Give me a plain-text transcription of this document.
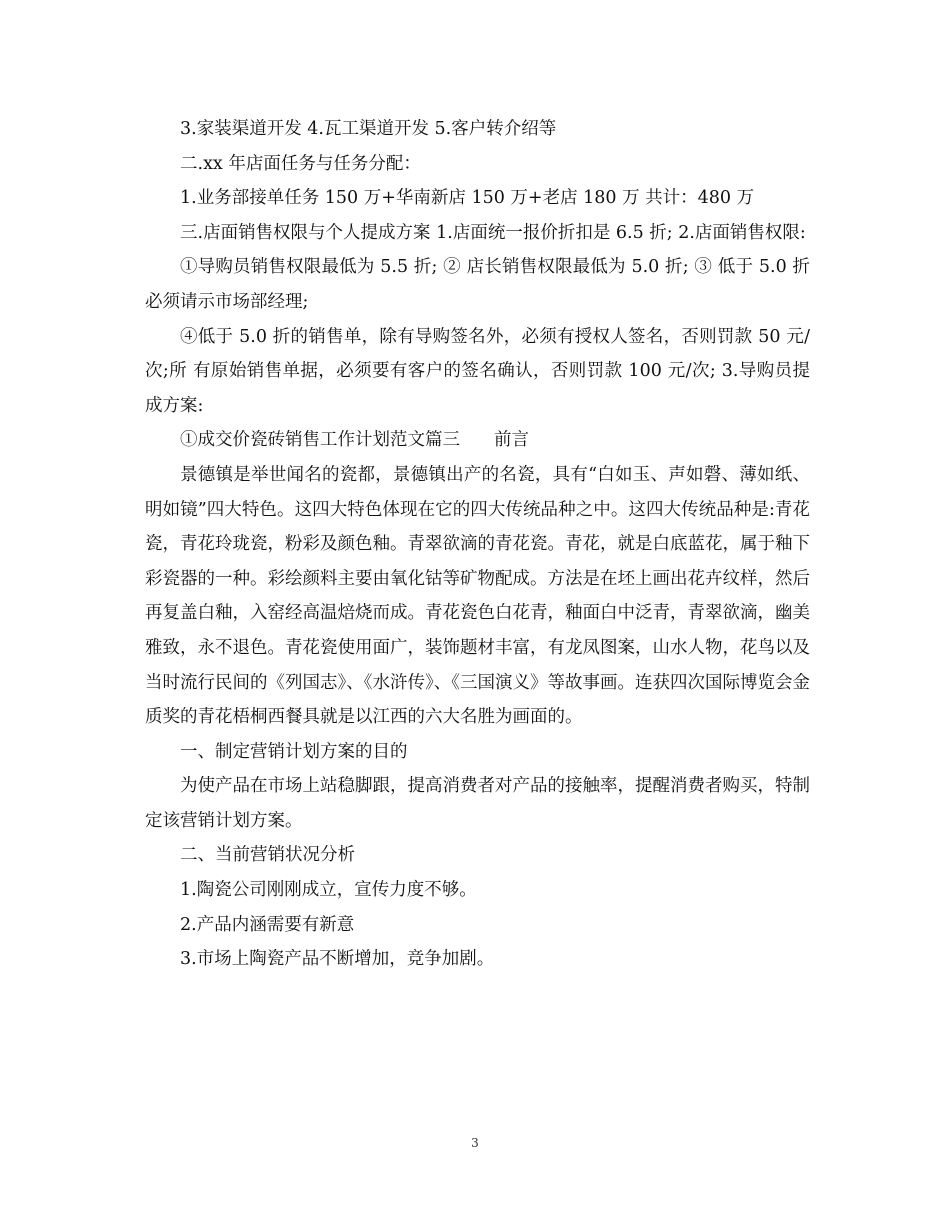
3.家装渠道开发 4.瓦工渠道开发 5.客户转介绍等

二.xx 年店面任务与任务分配：

1.业务部接单任务 150 万+华南新店 150 万+老店 180 万 共计：480 万

三.店面销售权限与个人提成方案 1.店面统一报价折扣是 6.5 折; 2.店面销售权限:

①导购员销售权限最低为 5.5 折; ② 店长销售权限最低为 5.0 折; ③ 低于 5.0 折必须请示市场部经理;

④低于 5.0 折的销售单，除有导购签名外，必须有授权人签名，否则罚款 50 元/次;所 有原始销售单据，必须要有客户的签名确认，否则罚款 100 元/次; 3.导购员提成方案:

①成交价瓷砖销售工作计划范文篇三 前言

景德镇是举世闻名的瓷都，景德镇出产的名瓷，具有“白如玉、声如磬、薄如纸、明如镜”四大特色。这四大特色体现在它的四大传统品种之中。这四大传统品种是:青花瓷，青花玲珑瓷，粉彩及颜色釉。青翠欲滴的青花瓷。青花，就是白底蓝花，属于釉下彩瓷器的一种。彩绘颜料主要由氧化钴等矿物配成。方法是在坯上画出花卉纹样，然后再复盖白釉，入窑经高温焙烧而成。青花瓷色白花青，釉面白中泛青，青翠欲滴，幽美雅致，永不退色。青花瓷使用面广，装饰题材丰富，有龙凤图案，山水人物，花鸟以及当时流行民间的《列国志》、《水浒传》、《三国演义》等故事画。连获四次国际博览会金质奖的青花梧桐西餐具就是以江西的六大名胜为画面的。

一、制定营销计划方案的目的

为使产品在市场上站稳脚跟，提高消费者对产品的接触率，提醒消费者购买，特制定该营销计划方案。

二、当前营销状况分析

1.陶瓷公司刚刚成立，宣传力度不够。

2.产品内涵需要有新意

3.市场上陶瓷产品不断增加，竞争加剧。

3
